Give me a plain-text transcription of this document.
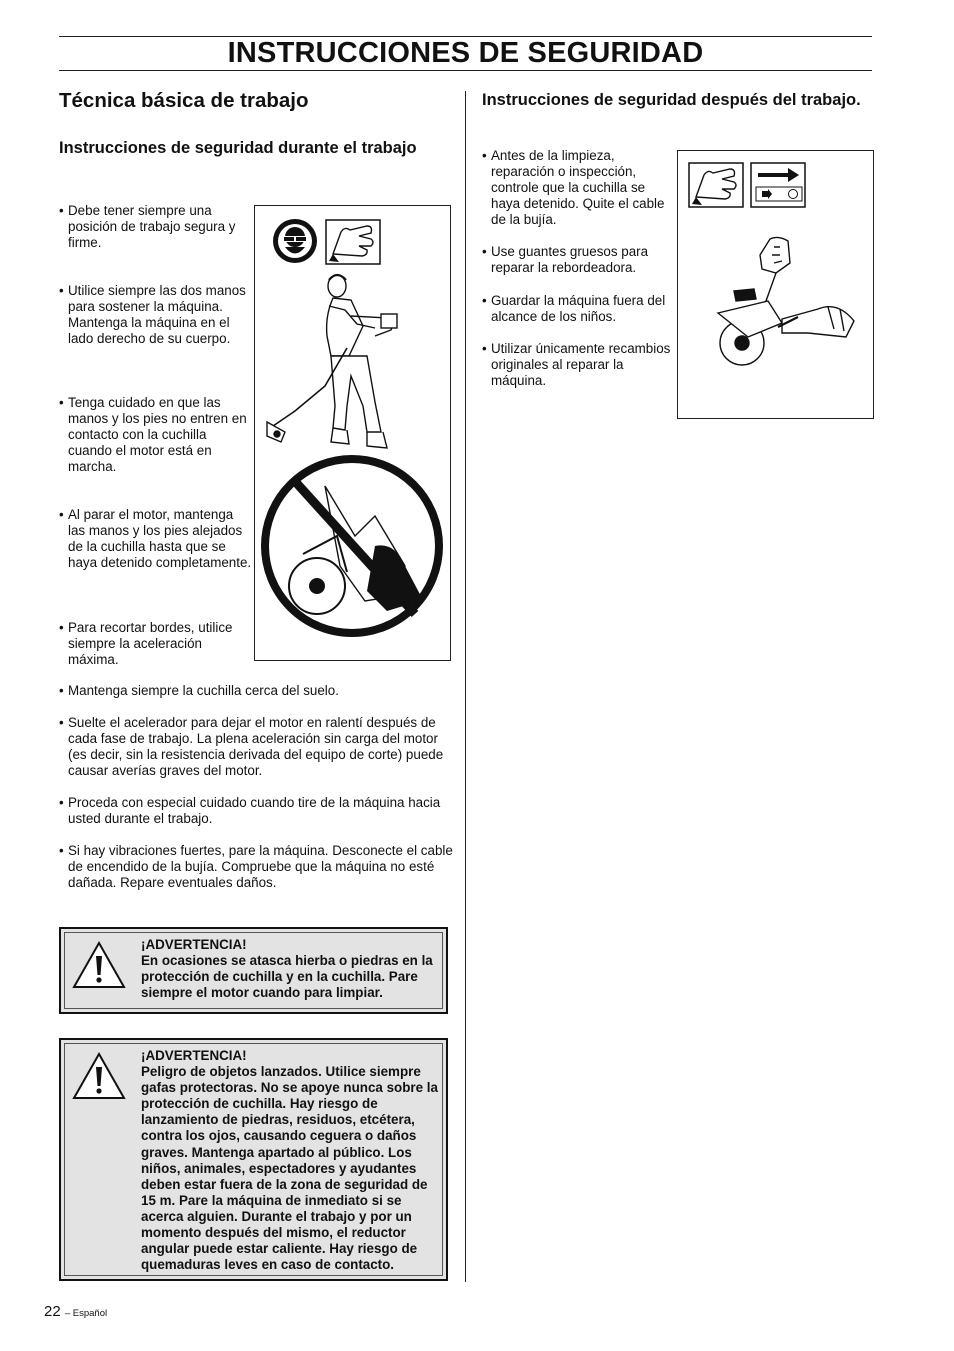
INSTRUCCIONES DE SEGURIDAD
Técnica básica de trabajo
Instrucciones de seguridad durante el trabajo
• Debe tener siempre una posición de trabajo segura y firme.
• Utilice siempre las dos manos para sostener la máquina. Mantenga la máquina en el lado derecho de su cuerpo.
• Tenga cuidado en que las manos y los pies no entren en contacto con la cuchilla cuando el motor está en marcha.
• Al parar el motor, mantenga las manos y los pies alejados de la cuchilla hasta que se haya detenido completamente.
• Para recortar bordes, utilice siempre la aceleración máxima.
• Mantenga siempre la cuchilla cerca del suelo.
• Suelte el acelerador para dejar el motor en ralentí después de cada fase de trabajo. La plena aceleración sin carga del motor (es decir, sin la resistencia derivada del equipo de corte) puede causar averías graves del motor.
• Proceda con especial cuidado cuando tire de la máquina hacia usted durante el trabajo.
• Si hay vibraciones fuertes, pare la máquina. Desconecte el cable de encendido de la bujía. Compruebe que la máquina no esté dañada. Repare eventuales daños.
¡ADVERTENCIA!
En ocasiones se atasca hierba o piedras en la protección de cuchilla y en la cuchilla. Pare siempre el motor cuando para limpiar.
¡ADVERTENCIA!
Peligro de objetos lanzados. Utilice siempre gafas protectoras. No se apoye nunca sobre la protección de cuchilla. Hay riesgo de lanzamiento de piedras, residuos, etcétera, contra los ojos, causando ceguera o daños graves. Mantenga apartado al público. Los niños, animales, espectadores y ayudantes deben estar fuera de la zona de seguridad de 15 m. Pare la máquina de inmediato si se acerca alguien. Durante el trabajo y por un momento después del mismo, el reductor angular puede estar caliente. Hay riesgo de quemaduras leves en caso de contacto.
Instrucciones de seguridad después del trabajo.
• Antes de la limpieza, reparación o inspección, controle que la cuchilla se haya detenido. Quite el cable de la bujía.
• Use guantes gruesos para reparar la rebordeadora.
• Guardar la máquina fuera del alcance de los niños.
• Utilizar únicamente recambios originales al reparar la máquina.
22 – Español
